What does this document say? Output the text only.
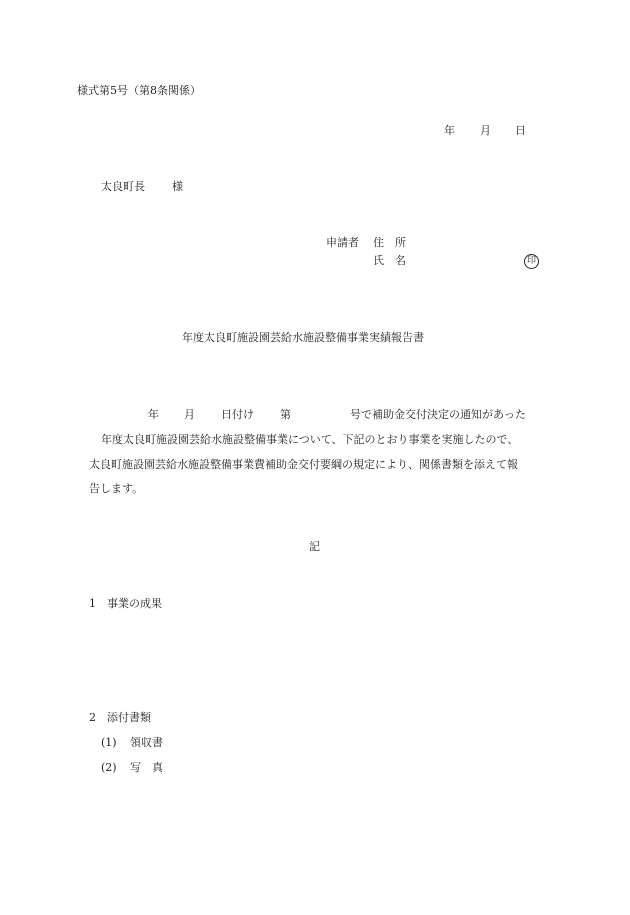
様式第5号（第8条関係）
年 月 日
太良町長 様
申請者 住　所
氏　名	印
年度太良町施設園芸給水施設整備事業実績報告書
年 月 日付け 第	号で補助金交付決定の通知があった
年度太良町施設園芸給水施設整備事業について、下記のとおり事業を実施したので、
太良町施設園芸給水施設整備事業費補助金交付要綱の規定により、関係書類を添えて報
告します。
記
1 事業の成果
2 添付書類
(1) 領収書
(2) 写　真
